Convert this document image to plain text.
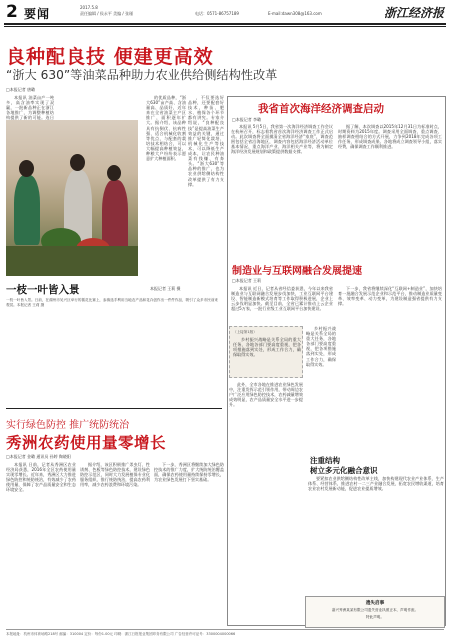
2 要闻	2017.5.8
责任编辑 / 侯永平 美编 / 张瑾	电话：0571-86757189	E-mail:dawn308@163.com	浙江经济报
良种配良技 便建更高效
“浙大 630”等油菜品种助力农业供给侧结构性改革
□本报记者 唐璐
本报讯 油菜亩产一吨多，高含油率实现了双赢，一批新品种正在浙江各地推广，为调整种植结构提供了新的可能。连日
的优质品种，“浙大630”亩产高、含油量高、品质好，近年来在全省油菜主产区推广，面积逐年扩大。据介绍，该品种具有抗倒伏、抗病性强、适合机械化收割等优点，与配套的栽培技术相结合，可以大幅提高种植效益，种粮大户纷纷表示愿意扩大种植面积。
，不仅要选好品种，还要配套好技术，种苗、肥水、植保各个环节都有讲究。专家介绍说，“良种配良技”是提高油菜生产效益的关键，通过推广轻简化栽培、机械化生产等技术，可以降低生产成本，让农民种油菜有钱赚、有奔头。“浙大630”等品种的推广，也为农业供给侧结构性改革提供了有力支撑。
一枝一叶皆入景
一枝一叶皆入景。日前，在湖州市吴兴区举行的插花比赛上，参赛选手利用当地农产品和花卉创作出一件件作品，吸引了众多市民前来观赏。本报记者 王莉 摄
本报记者 王莉 摄
我省首次海洋经济调查启动
□本报记者 李璐
本报讯 5月5日，我省第一次海洋经济调查工作会议在杭州召开，标志着我省首次海洋经济调查工作正式启动。此次调查将全面摸清全省海洋经济“家底”，调查范围包括全省沿海地区，调查内容包括海洋经济活动单位基本情况、重点海洋产业、海洋相关产业等，将为制定海洋经济发展规划和政策提供数据支撑。
据了解，本次调查以2015年12月31日为标准时点，时期资料为2015年度。调查采用全面调查、重点调查、抽样调查相结合的方式开展，力争到2018年完成各项工作任务，形成调查成果。各地将成立调查领导小组，落实经费，确保调查工作顺利推进。
制造业与互联网融合发展提速
□本报记者 王莉
本报讯 近日，记者从省经信委获悉，今年以来我省制造业与互联网融合发展步伐加快，工业互联网平台建设、智能制造新模式培育等工作取得积极进展，企业上云步伐明显加快。截至目前，全省已累计推动上云企业超过5万家，一批行业级工业互联网平台加快建设。
下一步，我省将继续深化“互联网+制造业”，加快培育一批融合发展示范企业和示范平台，推动制造业质量变革、效率变革、动力变革，为建设制造强省提供有力支撑。
（上接第1版）
乡村振兴战略是关系全局的重大任务，各地各部门要高度重视，把各项措施落到实处，形成工作合力，确保取得实效。
乡村振兴战略是关系全局的重大任务，各地各部门要高度重视，把各项措施落到实处，形成工作合力，确保取得实效。
此外，全市各地在推进农业绿色发展中，注重发挥示范引领作用，带动周边农户广泛应用绿色防控技术，农药减量增效成效明显，农产品质量安全水平进一步提升。
注重结构
树立多元化融合意识
要紧扣农业供给侧结构性改革主线，加快构建现代农业产业体系、生产体系、经营体系，推进农村一二三产业融合发展，拓宽农民增收渠道，培育农业农村发展新动能，促进农业提质增效。
实行绿色防控 推广统防统治
秀洲农药使用量零增长
□本报记者 金璐 通讯员 孙婷 陶晓阳
本报讯 日前，记者从秀洲区农业经济局获悉，2016年全区农药使用量实现零增长。近年来，秀洲区大力推进绿色防控和统防统治，有效减少了农药使用量，保障了农产品质量安全和生态环境安全。
据介绍，该区积极推广杀虫灯、性诱剂、色板等绿色防控技术，建设绿色防控示范区，同时大力发展植保专业化服务组织，推行统防统治，提高农药利用率，减少农药浪费和环境污染。
下一步，秀洲区将继续加大绿色防控技术的推广力度，扩大统防统治覆盖面，确保农药使用量持续保持零增长，为农业绿色发展打下坚实基础。
遗失启事
嘉兴秀洲某某有限公司遗失营业执照正本，声明作废。
特此声明。
本报地址：杭州市体育场路218号 邮编：310004 定价：每份1.00元 印刷：浙江日报报业集团印务有限公司 广告经营许可证号：3300004000066
